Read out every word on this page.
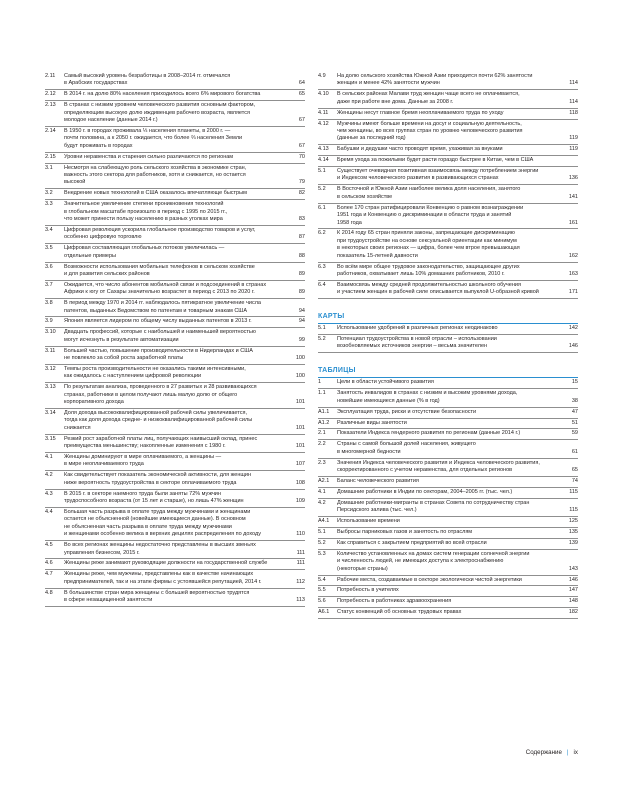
2.11	Самый высокий уровень безработицы в 2008–2014 гг. отмечался
в Арабских государствах	64
2.12	В 2014 г. на долю 80% населения приходилось всего 6% мирового богатства	65
2.13	В странах с низким уровнем человеческого развития основным фактором,
определяющим высокую долю иждивенцев рабочего возраста, является
молодое население (данные 2014 г.)	67
2.14	В 1950 г. в городах проживала ⅓ населения планеты, в 2000 г. —
почти половина, а к 2050 г. ожидается, что более ⅔ населения Земли
будут проживать в городах	67
2.15	Уровни неравенства и старения сильно различаются по регионам	70
3.1	Несмотря на слабеющую роль сельского хозяйства в экономике стран,
важность этого сектора для работников, хотя и снижается, но остается
высокой	79
3.2	Внедрение новых технологий в США оказалось впечатляюще быстрым	82
3.3	Значительное увеличение степени проникновения технологий
в глобальном масштабе произошло в период с 1995 по 2015 гг.,
что может принести пользу населению в разных уголках мира	83
3.4	Цифровая революция ускорила глобальное производство товаров и услуг,
особенно цифровую торговлю	87
3.5	Цифровая составляющая глобальных потоков увеличилась —
отдельные примеры	88
3.6	Возможности использования мобильных телефонов в сельском хозяйстве
и для развития сельских районов	89
3.7	Ожидается, что число абонентов мобильной связи и подсоединений в странах
Африки к югу от Сахары значительно возрастет в период с 2013 по 2020 г.	89
3.8	В период между 1970 и 2014 гг. наблюдалось пятикратное увеличение числа
патентов, выданных Ведомством по патентам и товарным знакам США	94
3.9	Япония является лидером по общему числу выданных патентов в 2013 г.	94
3.10	Двадцать профессий, которые с наибольшей и наименьшей вероятностью
могут исчезнуть в результате автоматизации	99
3.11	Большей частью, повышение производительности в Нидерландах и США
не повлекло за собой роста заработной платы	100
3.12	Темпы роста производительности не оказались такими интенсивными,
как ожидалось с наступлением цифровой революции	100
3.13	По результатам анализа, проведенного в 27 развитых и 28 развивающихся
странах, работники в целом получают лишь малую долю от общего
корпоративного дохода	101
3.14	Доля дохода высококвалифицированной рабочей силы увеличивается,
тогда как доля дохода средне- и низкоквалифицированной рабочей силы
снижается	101
3.15	Резкий рост заработной платы лиц, получающих наивысший оклад, принес
преимущества меньшинству; накопленные изменения с 1980 г.	101
4.1	Женщины доминируют в мире оплачиваемого, а женщины —
в мире неоплачиваемого труда	107
4.2	Как свидетельствует показатель экономической активности, для женщин
ниже вероятность трудоустройства в секторе оплачиваемого труда	108
4.3	В 2015 г. в секторе наемного труда были заняты 72% мужчин
трудоспособного возраста (от 15 лет и старше), но лишь 47% женщин	109
4.4	Большая часть разрыва в оплате труда между мужчинами и женщинами
остается не объясненной (новейшие имеющиеся данные). В основном
не объясненная часть разрыва в оплате труда между мужчинами
и женщинами особенно велика в верхних децилях распределения по доходу	110
4.5	Во всех регионах женщины недостаточно представлены в высших звеньях
управления бизнесом, 2015 г.	111
4.6	Женщины реже занимают руководящие должности на государственной службе	111
4.7	Женщины реже, чем мужчины, представлены как в качестве начинающих
предпринимателей, так и на этапе фирмы с устоявшейся репутацией, 2014 г.	112
4.8	В большинстве стран мира женщины с большей вероятностью трудятся
в сфере незащищенной занятости	113
4.9	На долю сельского хозяйства Южной Азии приходится почти 62% занятости
женщин и менее 42% занятости мужчин	114
4.10	В сельских районах Малави труд женщин чаще всего не оплачивается,
даже при работе вне дома. Данные за 2008 г.	114
4.11	Женщины несут главное бремя неоплачиваемого труда по уходу	118
4.12	Мужчины имеют больше времени на досуг и социальную деятельность,
чем женщины, во всех группах стран по уровню человеческого развития
(данные за последний год)	119
4.13	Бабушки и дедушки часто проводят время, ухаживая за внуками	119
4.14	Бремя ухода за пожилыми будет расти гораздо быстрее в Китае, чем в США
5.1	Существует очевидная позитивная взаимосвязь между потреблением энергии
и Индексом человеческого развития в развивающихся странах	136
5.2	В Восточной и Южной Азии наиболее велика доля населения, занятого
в сельском хозяйстве	141
6.1	Более 170 стран ратифицировали Конвенцию о равном вознаграждении
1951 года и Конвенцию о дискриминации в области труда и занятий
1958 года	161
6.2	К 2014 году 65 стран приняли законы, запрещающие дискриминацию
при трудоустройстве на основе сексуальной ориентации как минимум
в некоторых своих регионах — цифра, более чем втрое превышающая
показатель 15-летней давности	162
6.3	Во всём мире общее трудовое законодательство, защищающее других
работников, охватывает лишь 10% домашних работников, 2010 г.	163
6.4	Взаимосвязь между средней продолжительностью школьного обучения
и участием женщин в рабочей силе описывается выпуклой U-образной кривой	171
КАРТЫ
5.1	Использование удобрений в различных регионах неодинаково	142
5.2	Потенциал трудоустройства в новой отрасли – использовании
возобновляемых источников энергии – весьма значителен	146
ТАБЛИЦЫ
1	Цели в области устойчивого развития	15
1.1	Занятость инвалидов в странах с низким и высоким уровнями дохода,
новейшие имеющиеся данные (% в год)	38
A1.1	Эксплуатация труда, риски и отсутствие безопасности	47
A1.2	Различные виды занятости	51
2.1	Показатели Индекса гендерного развития по регионам (данные 2014 г.)	59
2.2	Страны с самой большой долей населения, живущего
в многомерной бедности	61
2.3	Значения Индекса человеческого развития и Индекса человеческого развития,
скорректированного с учетом неравенства, для отдельных регионов	65
A2.1	Баланс человеческого развития	74
4.1	Домашние работники в Индии по секторам, 2004–2005 гг. (тыс. чел.)	115
4.2	Домашние работники-мигранты в странах Совета по сотрудничеству стран
Персидского залива (тыс. чел.)	115
A4.1	Использование времени	125
5.1	Выбросы парниковых газов и занятость по отраслям	135
5.2	Как справиться с закрытием предприятий во всей отрасли	139
5.3	Количество установленных на домах систем генерации солнечной энергии
и численность людей, не имеющих доступа к электроснабжению
(некоторые страны)	143
5.4	Рабочие места, создаваемые в секторе экологически чистой энергетики	146
5.5	Потребность в учителях	147
5.6	Потребность в работниках здравоохранения	148
A6.1	Статус конвенций об основных трудовых правах	182
Содержание | ix
